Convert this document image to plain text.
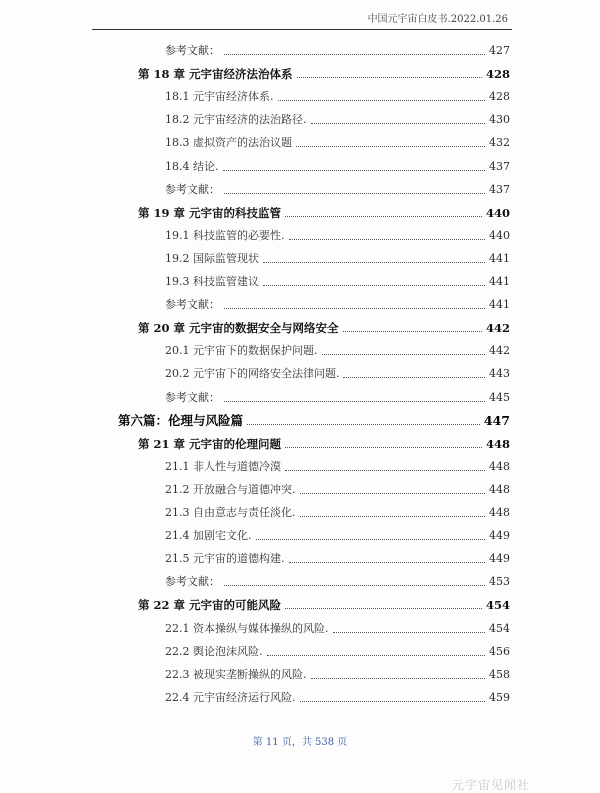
中国元宇宙白皮书.2022.01.26
参考文献：	427
第 18 章 元宇宙经济法治体系	428
18.1 元宇宙经济体系.	428
18.2 元宇宙经济的法治路径.	430
18.3 虚拟资产的法治议题	432
18.4 结论.	437
参考文献：	437
第 19 章 元宇宙的科技监管	440
19.1 科技监管的必要性.	440
19.2 国际监管现状	441
19.3 科技监管建议	441
参考文献：	441
第 20 章 元宇宙的数据安全与网络安全	442
20.1 元宇宙下的数据保护问题.	442
20.2 元宇宙下的网络安全法律问题.	443
参考文献：	445
第六篇：伦理与风险篇	447
第 21 章 元宇宙的伦理问题	448
21.1 非人性与道德冷漠	448
21.2 开放融合与道德冲突.	448
21.3 自由意志与责任淡化.	448
21.4 加剧宅文化.	449
21.5 元宇宙的道德构建.	449
参考文献：	453
第 22 章 元宇宙的可能风险	454
22.1 资本操纵与媒体操纵的风险.	454
22.2 舆论泡沫风险.	456
22.3 被现实垄断操纵的风险.	458
22.4 元宇宙经济运行风险.	459
第 11 页，共 538 页
元宇宙见闻社
